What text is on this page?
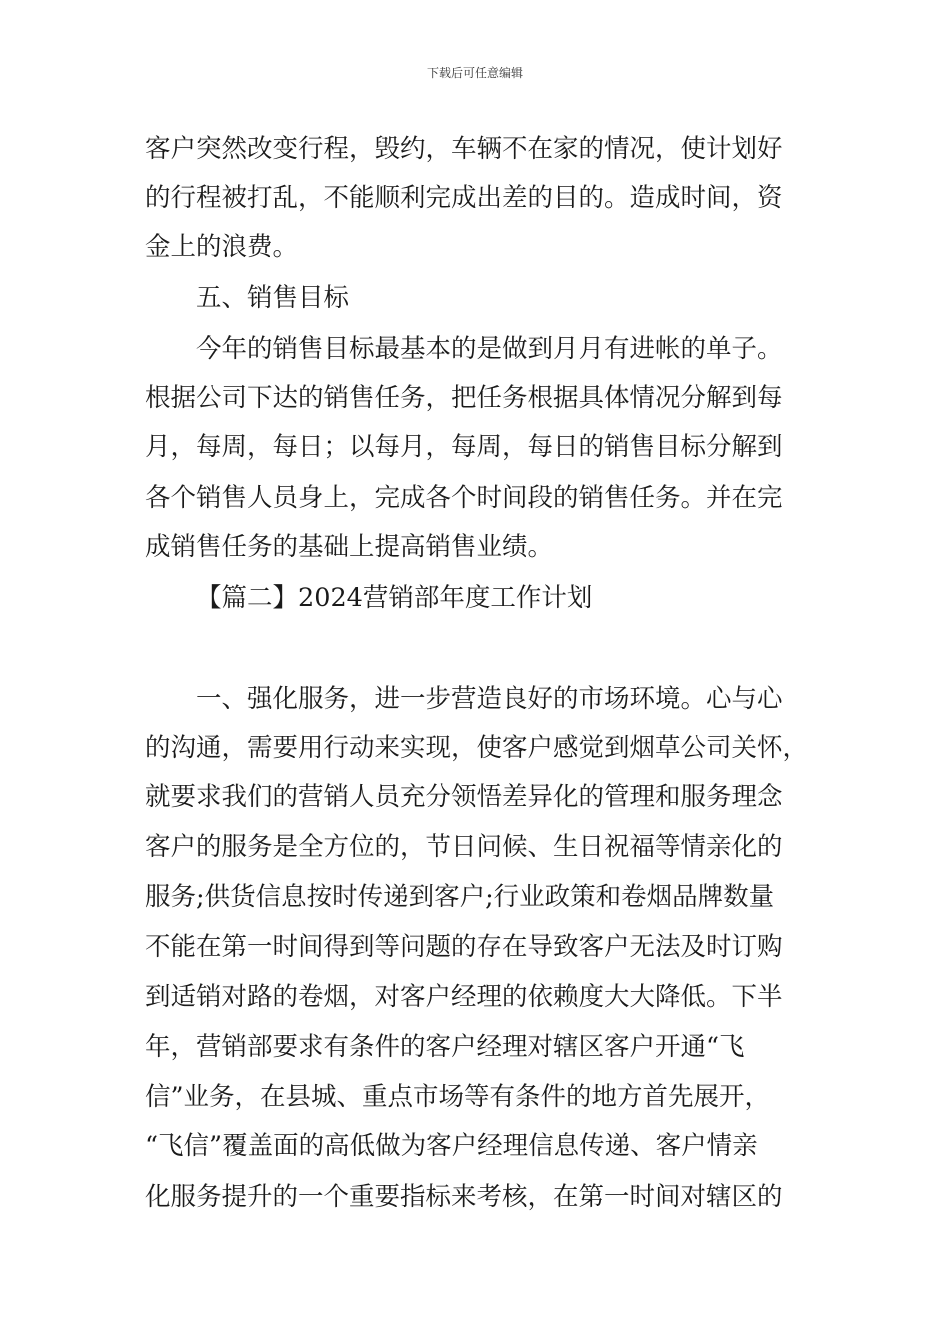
下载后可任意编辑
客户突然改变行程，毁约，车辆不在家的情况，使计划好
的行程被打乱，不能顺利完成出差的目的。造成时间，资
金上的浪费。
五、销售目标
今年的销售目标最基本的是做到月月有进帐的单子。
根据公司下达的销售任务，把任务根据具体情况分解到每
月，每周，每日；以每月，每周，每日的销售目标分解到
各个销售人员身上，完成各个时间段的销售任务。并在完
成销售任务的基础上提高销售业绩。
【篇二】2024营销部年度工作计划
一、强化服务，进一步营造良好的市场环境。心与心
的沟通，需要用行动来实现，使客户感觉到烟草公司关怀，
就要求我们的营销人员充分领悟差异化的管理和服务理念
客户的服务是全方位的，节日问候、生日祝福等情亲化的
服务;供货信息按时传递到客户;行业政策和卷烟品牌数量
不能在第一时间得到等问题的存在导致客户无法及时订购
到适销对路的卷烟，对客户经理的依赖度大大降低。下半
年，营销部要求有条件的客户经理对辖区客户开通“飞
信”业务，在县城、重点市场等有条件的地方首先展开，
“飞信”覆盖面的高低做为客户经理信息传递、客户情亲
化服务提升的一个重要指标来考核，在第一时间对辖区的
